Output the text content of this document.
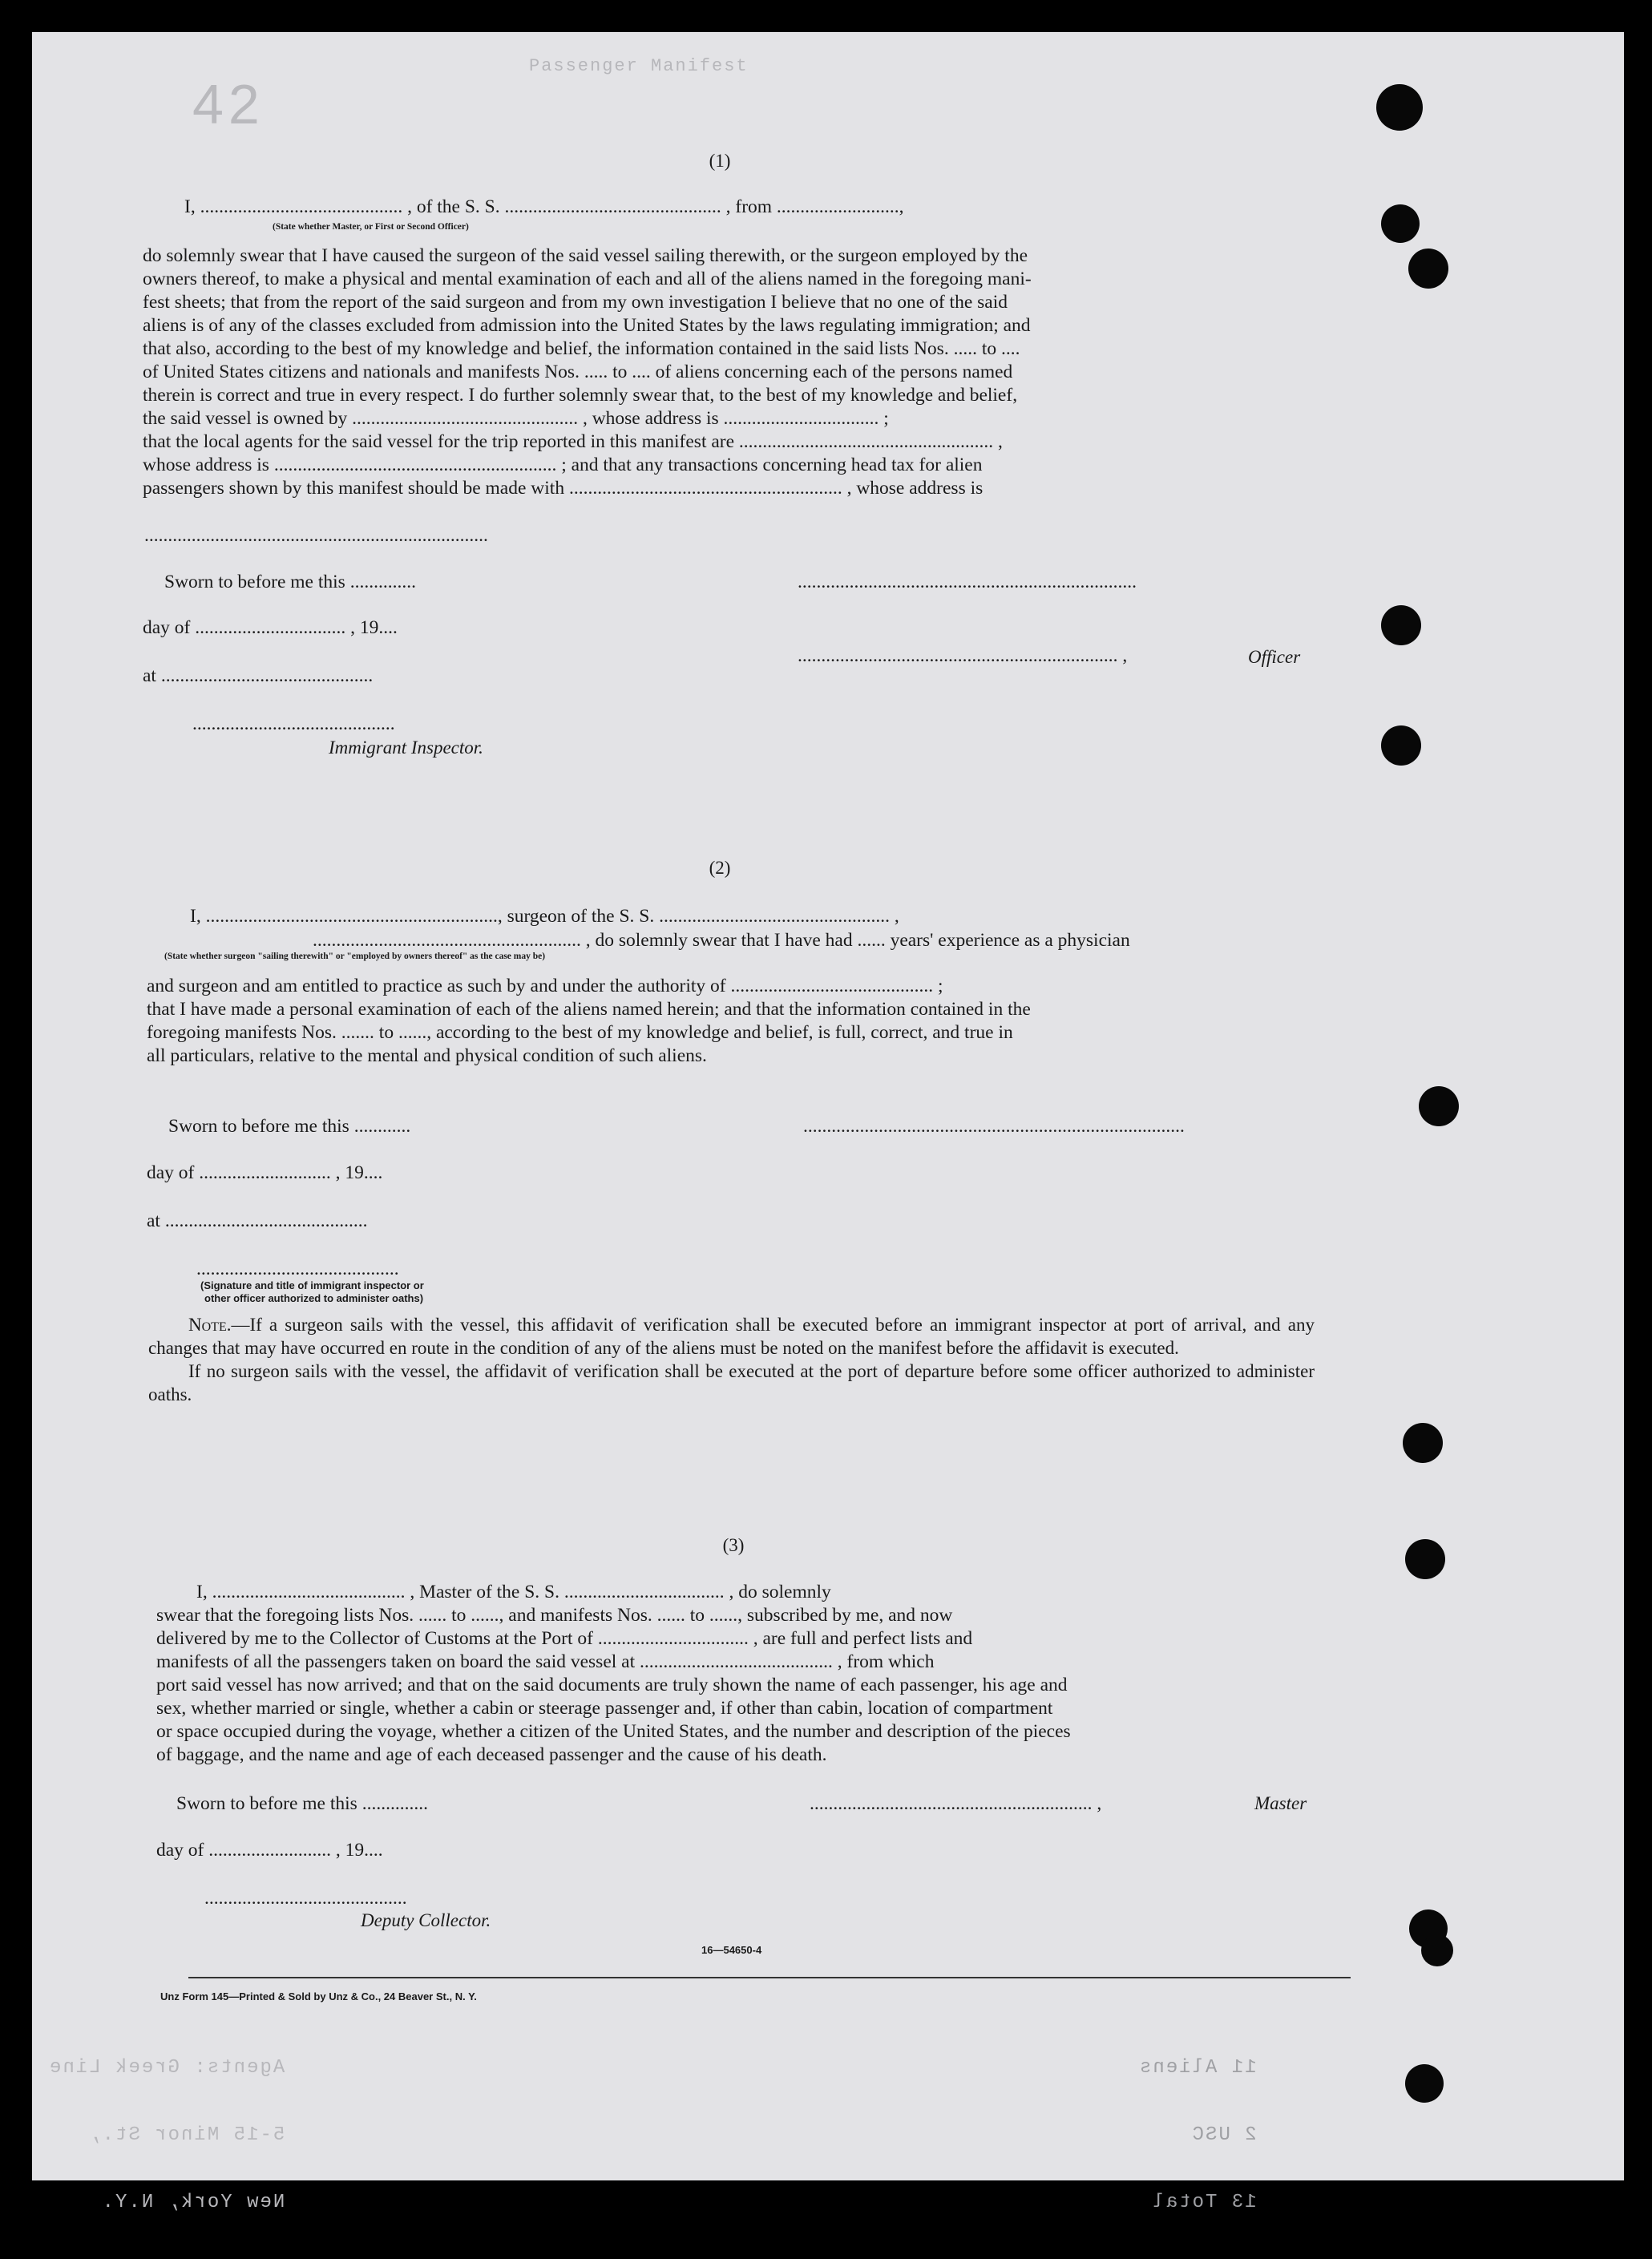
42
Passenger Manifest

11 Aliens

2 USC

13 Total

Agents: Greek Line

5-15 Minor St.,

New York, N.Y.

(1)
I, ........................................... , of the S. S. .............................................. , from ..........................,
(State whether Master, or First or Second Officer)
do solemnly swear that I have caused the surgeon of the said vessel sailing therewith, or the surgeon employed by the
owners thereof, to make a physical and mental examination of each and all of the aliens named in the foregoing mani-
fest sheets; that from the report of the said surgeon and from my own investigation I believe that no one of the said
aliens is of any of the classes excluded from admission into the United States by the laws regulating immigration; and
that also, according to the best of my knowledge and belief, the information contained in the said lists Nos. ..... to ....
of United States citizens and nationals and manifests Nos. ..... to .... of aliens concerning each of the persons named
therein is correct and true in every respect. I do further solemnly swear that, to the best of my knowledge and belief,
the said vessel is owned by ................................................ , whose address is ................................. ;
that the local agents for the said vessel for the trip reported in this manifest are ...................................................... ,
whose address is ............................................................ ; and that any transactions concerning head tax for alien
passengers shown by this manifest should be made with .......................................................... , whose address is
.........................................................................
Sworn to before me this ..............	........................................................................
day of ................................ , 19....
.................................................................... ,	Officer
at .............................................
...........................................
Immigrant Inspector.
(2)
I, .............................................................., surgeon of the S. S. ................................................. ,
......................................................... , do solemnly swear that I have had ...... years' experience as a physician
(State whether surgeon "sailing therewith" or "employed by owners thereof" as the case may be)
and surgeon and am entitled to practice as such by and under the authority of ........................................... ;
that I have made a personal examination of each of the aliens named herein; and that the information contained in the
foregoing manifests Nos. ....... to ......, according to the best of my knowledge and belief, is full, correct, and true in
all particulars, relative to the mental and physical condition of such aliens.
Sworn to before me this ............	.................................................................................
day of ............................ , 19....
at ...........................................
...........................................
(Signature and title of immigrant inspector or
other officer authorized to administer oaths)

Note.—If a surgeon sails with the vessel, this affidavit of verification shall be executed before an immigrant inspector at port of arrival, and any changes that may have occurred en route in the condition of any of the aliens must be noted on the manifest before the affidavit is executed.

If no surgeon sails with the vessel, the affidavit of verification shall be executed at the port of departure before some officer authorized to administer oaths.

(3)
I, ......................................... , Master of the S. S. .................................. , do solemnly
swear that the foregoing lists Nos. ...... to ......, and manifests Nos. ...... to ......, subscribed by me, and now
delivered by me to the Collector of Customs at the Port of ................................ , are full and perfect lists and
manifests of all the passengers taken on board the said vessel at ......................................... , from which
port said vessel has now arrived; and that on the said documents are truly shown the name of each passenger, his age and
sex, whether married or single, whether a cabin or steerage passenger and, if other than cabin, location of compartment
or space occupied during the voyage, whether a citizen of the United States, and the number and description of the pieces
of baggage, and the name and age of each deceased passenger and the cause of his death.
Sworn to before me this ..............	............................................................ ,	Master
day of .......................... , 19....
...........................................
Deputy Collector.
16—54650-4
Unz Form 145—Printed & Sold by Unz & Co., 24 Beaver St., N. Y.
